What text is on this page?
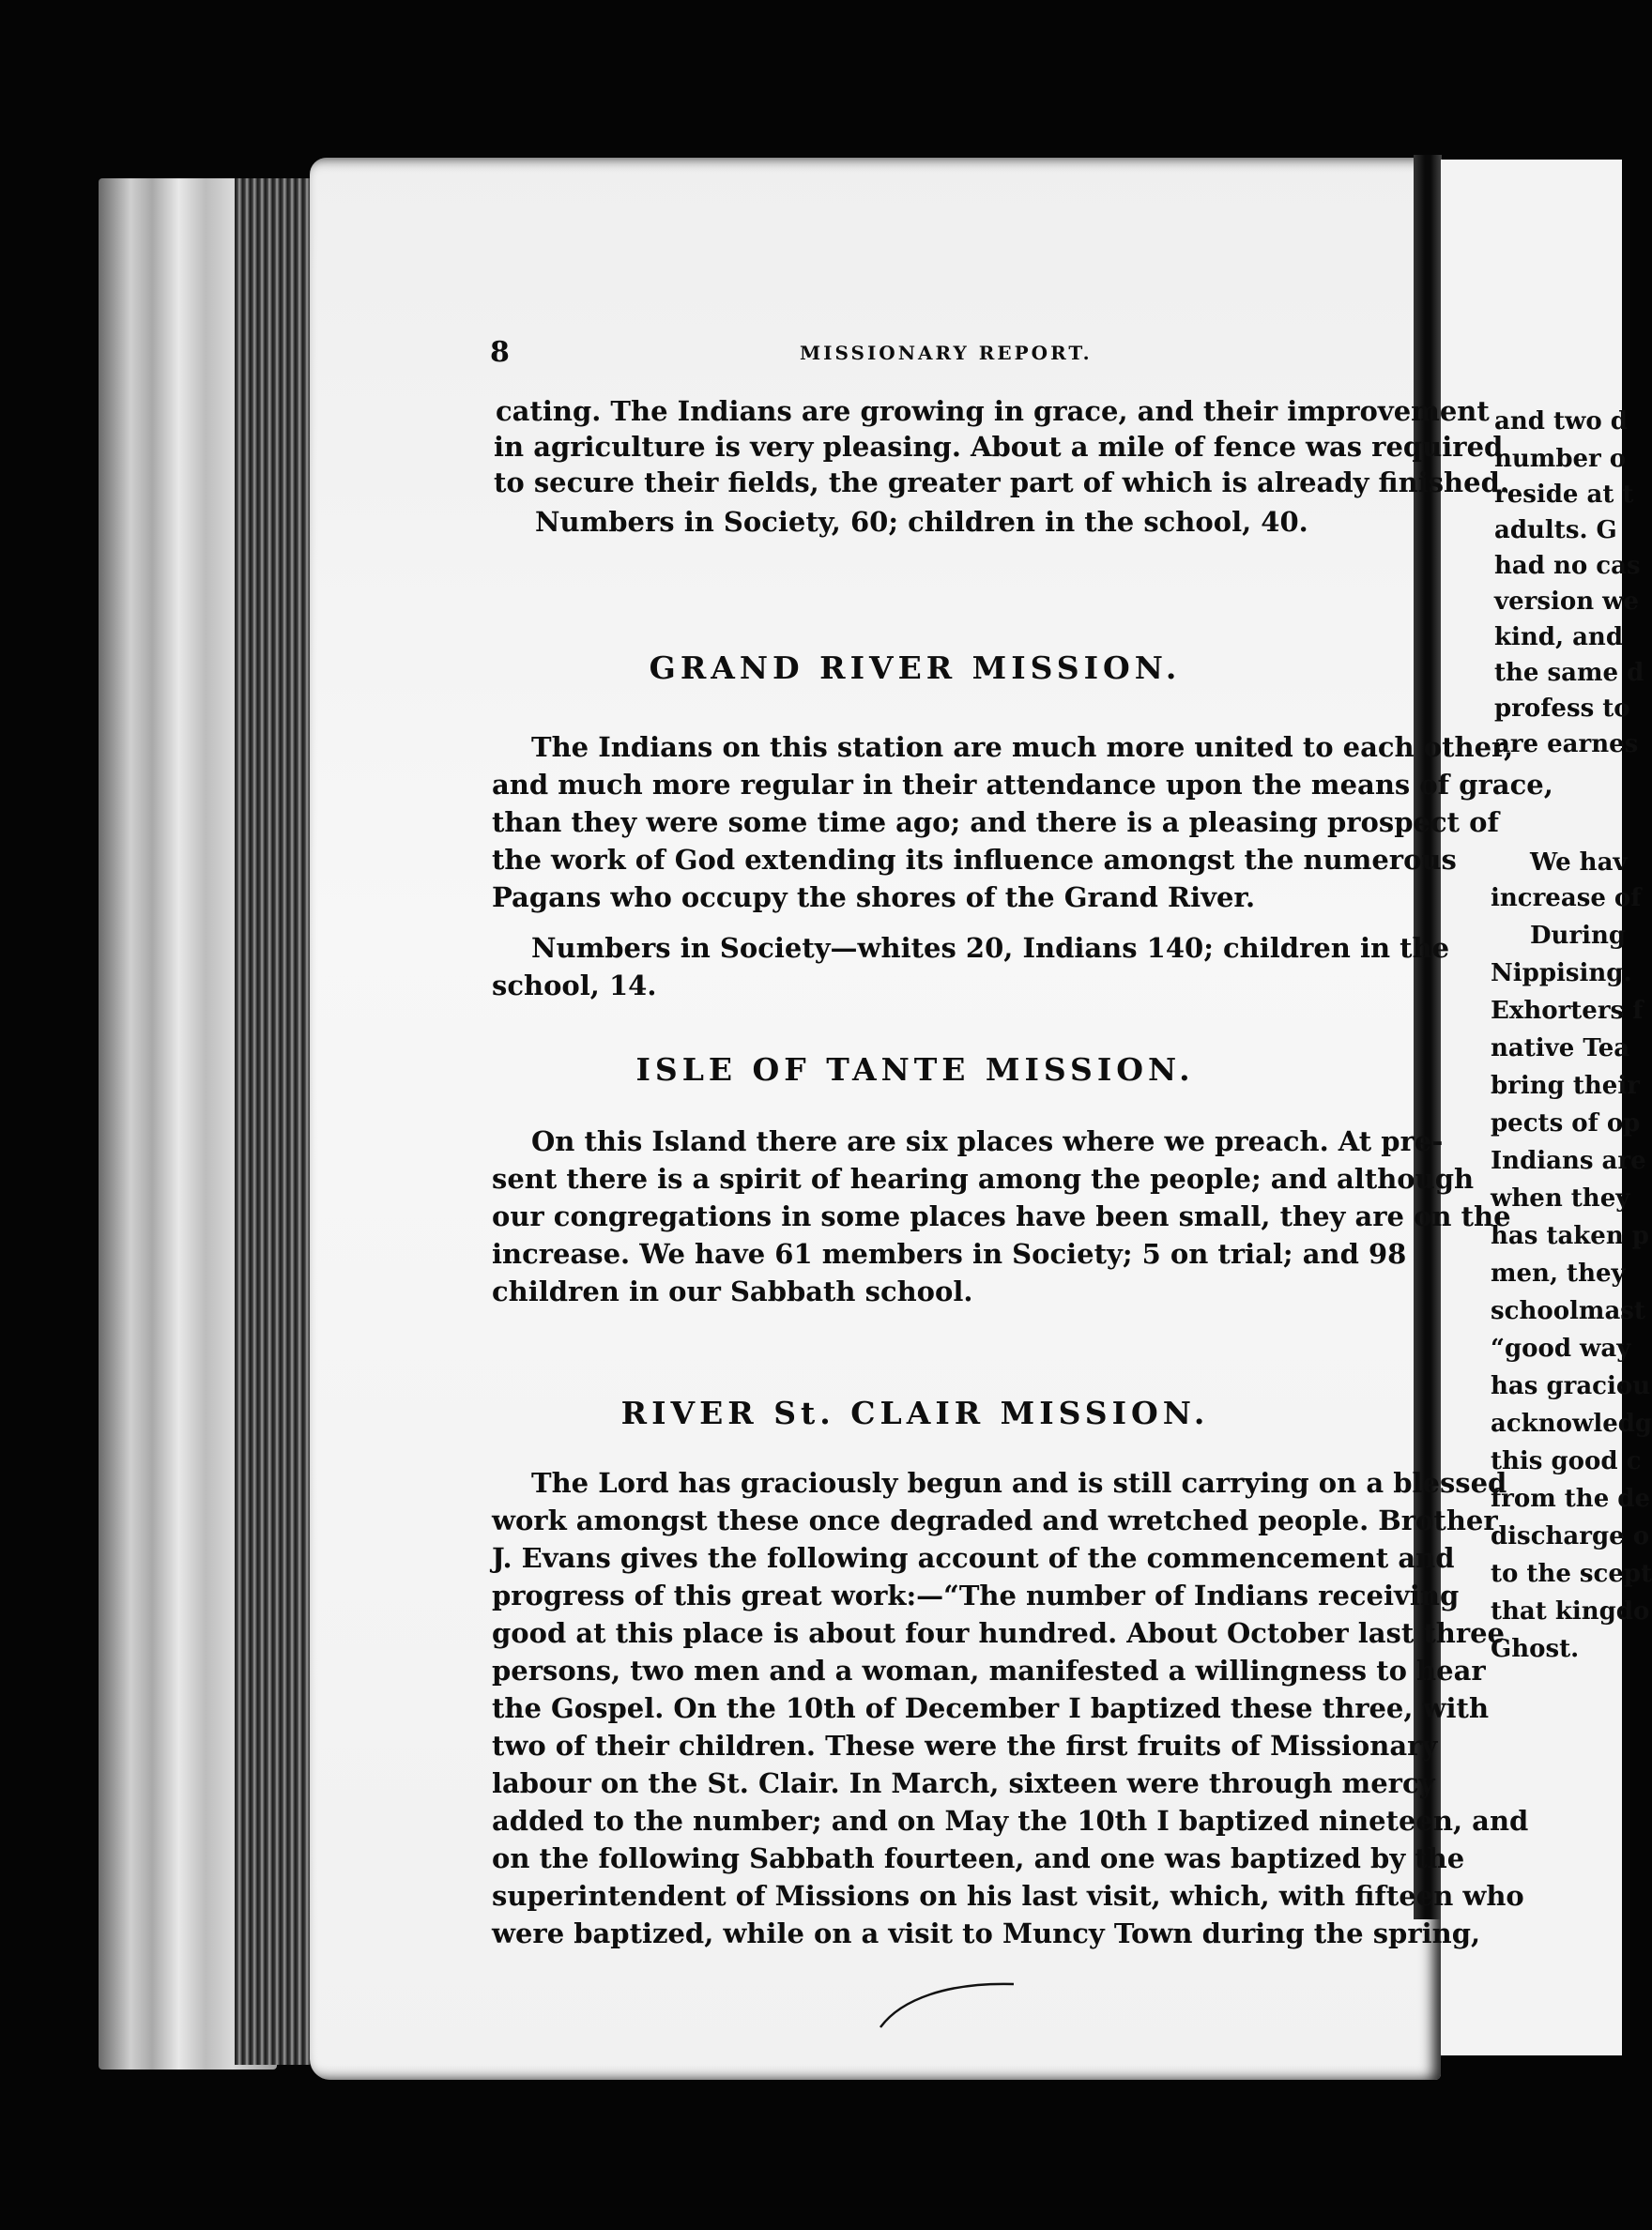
8	MISSIONARY REPORT.
cating. The Indians are growing in grace, and their improvement
in agriculture is very pleasing. About a mile of fence was required
to secure their fields, the greater part of which is already finished.
Numbers in Society, 60; children in the school, 40.
GRAND RIVER MISSION.
The Indians on this station are much more united to each other,
and much more regular in their attendance upon the means of grace,
than they were some time ago; and there is a pleasing prospect of
the work of God extending its influence amongst the numerous
Pagans who occupy the shores of the Grand River.
Numbers in Society—whites 20, Indians 140; children in the
school, 14.
ISLE OF TANTE MISSION.
On this Island there are six places where we preach. At pre-
sent there is a spirit of hearing among the people; and although
our congregations in some places have been small, they are on the
increase. We have 61 members in Society; 5 on trial; and 98
children in our Sabbath school.
RIVER St. CLAIR MISSION.
The Lord has graciously begun and is still carrying on a blessed
work amongst these once degraded and wretched people. Brother
J. Evans gives the following account of the commencement and
progress of this great work:—“The number of Indians receiving
good at this place is about four hundred. About October last three
persons, two men and a woman, manifested a willingness to hear
the Gospel. On the 10th of December I baptized these three, with
two of their children. These were the first fruits of Missionary
labour on the St. Clair. In March, sixteen were through mercy
added to the number; and on May the 10th I baptized nineteen, and
on the following Sabbath fourteen, and one was baptized by the
superintendent of Missions on his last visit, which, with fifteen who
were baptized, while on a visit to Muncy Town during the spring,
and two d
number o
reside at t
adults. G
had no cas
version we
kind, and
the same d
profess to
are earnes
We hav
increase of
During
Nippising.
Exhorters f
native Tea
bring their
pects of op
Indians are
when they
has taken p
men, they
schoolmast
“good way
has graciou
acknowledg
this good c
from the de
discharge o
to the scept
that kingdo
Ghost.
